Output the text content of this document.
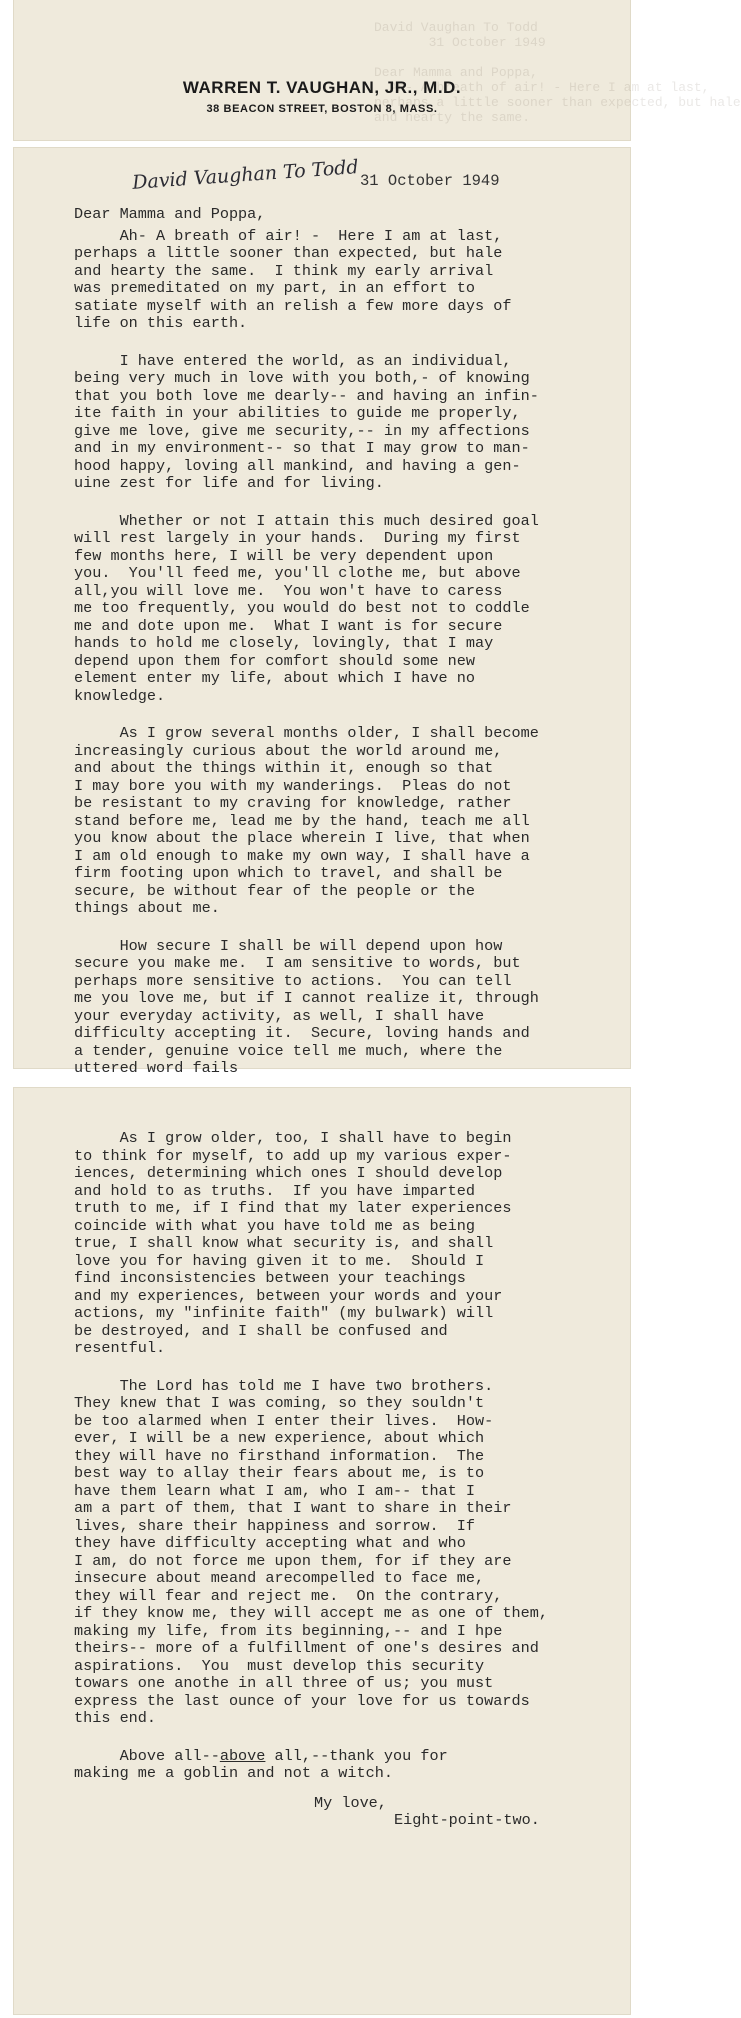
David Vaughan To Todd
31 October 1949

Dear Mamma and Poppa,
Ah- A breath of air! - Here I am at last,
perhaps a little sooner than expected, but hale
and hearty the same.
WARREN T. VAUGHAN, JR., M.D.
38 BEACON STREET, BOSTON 8, MASS.
David Vaughan To Todd 31 October 1949
Dear Mamma and Poppa,
Ah- A breath of air! -  Here I am at last,
perhaps a little sooner than expected, but hale
and hearty the same.  I think my early arrival
was premeditated on my part, in an effort to
satiate myself with an relish a few more days of
life on this earth.
I have entered the world, as an individual,
being very much in love with you both,- of knowing
that you both love me dearly-- and having an infin-
ite faith in your abilities to guide me properly,
give me love, give me security,-- in my affections
and in my environment-- so that I may grow to man-
hood happy, loving all mankind, and having a gen-
uine zest for life and for living.
Whether or not I attain this much desired goal
will rest largely in your hands.  During my first
few months here, I will be very dependent upon
you.  You'll feed me, you'll clothe me, but above
all,you will love me.  You won't have to caress
me too frequently, you would do best not to coddle
me and dote upon me.  What I want is for secure
hands to hold me closely, lovingly, that I may
depend upon them for comfort should some new
element enter my life, about which I have no
knowledge.
As I grow several months older, I shall become
increasingly curious about the world around me,
and about the things within it, enough so that
I may bore you with my wanderings.  Pleas do not
be resistant to my craving for knowledge, rather
stand before me, lead me by the hand, teach me all
you know about the place wherein I live, that when
I am old enough to make my own way, I shall have a
firm footing upon which to travel, and shall be
secure, be without fear of the people or the
things about me.
How secure I shall be will depend upon how
secure you make me.  I am sensitive to words, but
perhaps more sensitive to actions.  You can tell
me you love me, but if I cannot realize it, through
your everyday activity, as well, I shall have
difficulty accepting it.  Secure, loving hands and
a tender, genuine voice tell me much, where the
uttered word fails
As I grow older, too, I shall have to begin
to think for myself, to add up my various exper-
iences, determining which ones I should develop
and hold to as truths.  If you have imparted
truth to me, if I find that my later experiences
coincide with what you have told me as being
true, I shall know what security is, and shall
love you for having given it to me.  Should I
find inconsistencies between your teachings
and my experiences, between your words and your
actions, my "infinite faith" (my bulwark) will
be destroyed, and I shall be confused and
resentful.
The Lord has told me I have two brothers.
They knew that I was coming, so they souldn't
be too alarmed when I enter their lives.  How-
ever, I will be a new experience, about which
they will have no firsthand information.  The
best way to allay their fears about me, is to
have them learn what I am, who I am-- that I
am a part of them, that I want to share in their
lives, share their happiness and sorrow.  If
they have difficulty accepting what and who
I am, do not force me upon them, for if they are
insecure about meand arecompelled to face me,
they will fear and reject me.  On the contrary,
if they know me, they will accept me as one of them,
making my life, from its beginning,-- and I hpe
theirs-- more of a fulfillment of one's desires and
aspirations.  You  must develop this security
towars one anothe in all three of us; you must
express the last ounce of your love for us towards
this end.
Above all--above all,--thank you for
making me a goblin and not a witch.
My love,
Eight-point-two.
